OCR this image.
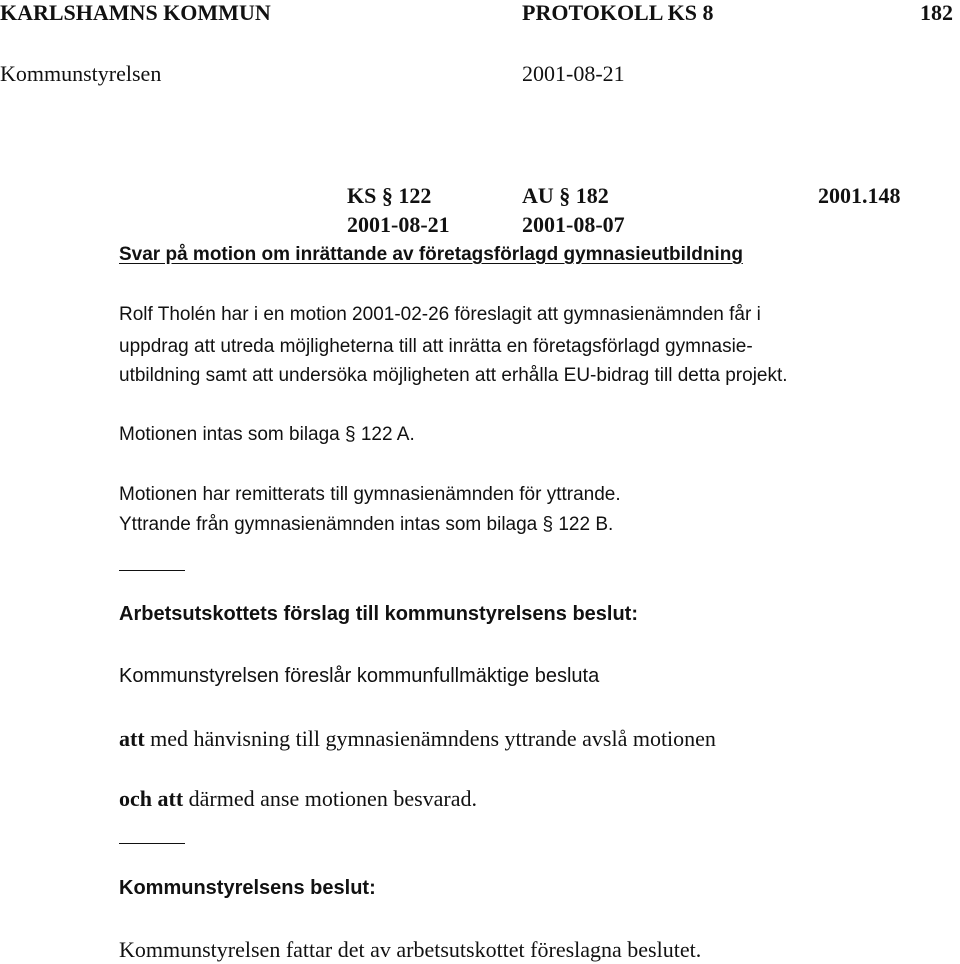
KARLSHAMNS KOMMUN	PROTOKOLL KS 8	182
Kommunstyrelsen	2001-08-21
KS § 122	AU § 182	2001.148
2001-08-21	2001-08-07
Svar på motion om inrättande av företagsförlagd gymnasieutbildning
Rolf Tholén har i en motion 2001-02-26 föreslagit att gymnasienämnden får i
uppdrag att utreda möjligheterna till att inrätta en företagsförlagd gymnasie-
utbildning samt att undersöka möjligheten att erhålla EU-bidrag till detta projekt.
Motionen intas som bilaga § 122 A.
Motionen har remitterats till gymnasienämnden för yttrande.
Yttrande från gymnasienämnden intas som bilaga § 122 B.
Arbetsutskottets förslag till kommunstyrelsens beslut:
Kommunstyrelsen föreslår kommunfullmäktige besluta
att med hänvisning till gymnasienämndens yttrande avslå motionen
och att därmed anse motionen besvarad.
Kommunstyrelsens beslut:
Kommunstyrelsen fattar det av arbetsutskottet föreslagna beslutet.
